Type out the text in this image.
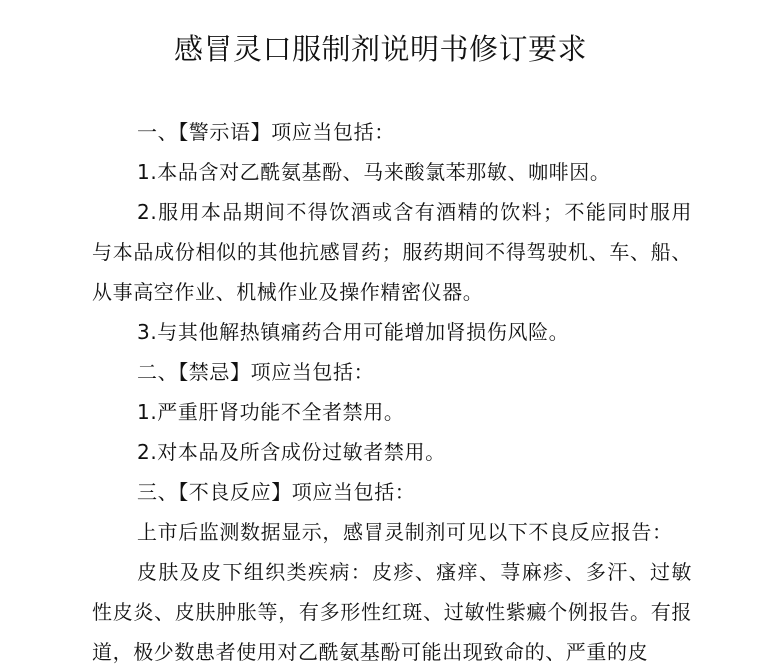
感冒灵口服制剂说明书修订要求

一、【警示语】项应当包括：

1.本品含对乙酰氨基酚、马来酸氯苯那敏、咖啡因。

2.服用本品期间不得饮酒或含有酒精的饮料；不能同时服用与本品成份相似的其他抗感冒药；服药期间不得驾驶机、车、船、从事高空作业、机械作业及操作精密仪器。

3.与其他解热镇痛药合用可能增加肾损伤风险。

二、【禁忌】项应当包括：

1.严重肝肾功能不全者禁用。

2.对本品及所含成份过敏者禁用。

三、【不良反应】项应当包括：

上市后监测数据显示，感冒灵制剂可见以下不良反应报告：

皮肤及皮下组织类疾病：皮疹、瘙痒、荨麻疹、多汗、过敏性皮炎、皮肤肿胀等，有多形性红斑、过敏性紫癜个例报告。有报道，极少数患者使用对乙酰氨基酚可能出现致命的、严重的皮
